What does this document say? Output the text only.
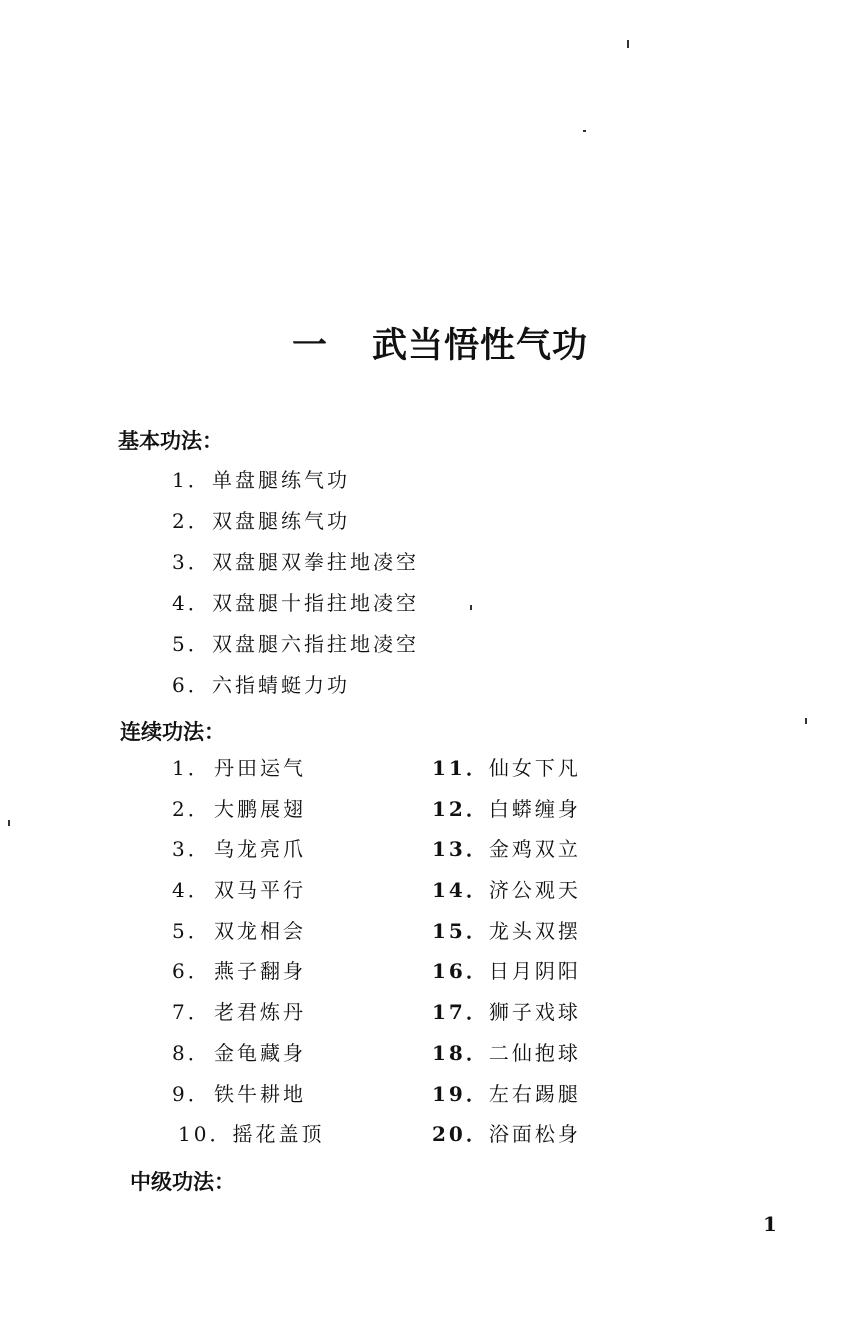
一 武当悟性气功
基本功法：
1．单盘腿练气功
2．双盘腿练气功
3．双盘腿双拳拄地凌空
4．双盘腿十指拄地凌空
5．双盘腿六指拄地凌空
6．六指蜻蜓力功
连续功法：
1． 丹田运气
2． 大鹏展翅
3． 乌龙亮爪
4． 双马平行
5． 双龙相会
6． 燕子翻身
7． 老君炼丹
8． 金龟藏身
9． 铁牛耕地
10．摇花盖顶
11．仙女下凡
12．白蟒缠身
13．金鸡双立
14．济公观天
15．龙头双摆
16．日月阴阳
17．狮子戏球
18．二仙抱球
19．左右踢腿
20．浴面松身
中级功法：
1
